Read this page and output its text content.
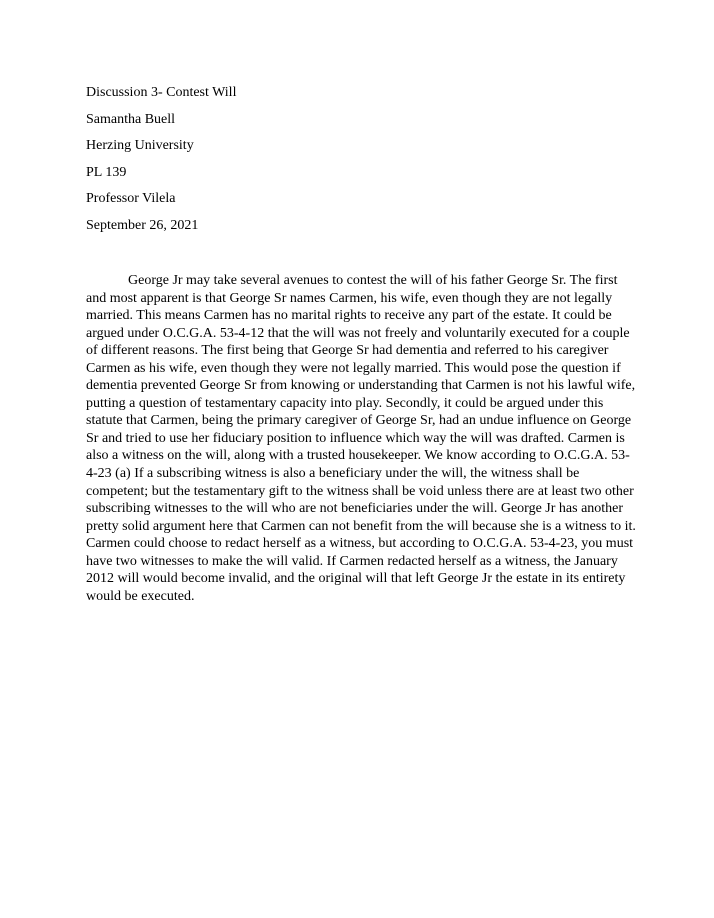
Discussion 3- Contest Will
Samantha Buell
Herzing University
PL 139
Professor Vilela
September 26, 2021

George Jr may take several avenues to contest the will of his father George Sr. The first and most apparent is that George Sr names Carmen, his wife, even though they are not legally married. This means Carmen has no marital rights to receive any part of the estate. It could be argued under O.C.G.A. 53-4-12 that the will was not freely and voluntarily executed for a couple of different reasons. The first being that George Sr had dementia and referred to his caregiver Carmen as his wife, even though they were not legally married. This would pose the question if dementia prevented George Sr from knowing or understanding that Carmen is not his lawful wife, putting a question of testamentary capacity into play. Secondly, it could be argued under this statute that Carmen, being the primary caregiver of George Sr, had an undue influence on George Sr and tried to use her fiduciary position to influence which way the will was drafted. Carmen is also a witness on the will, along with a trusted housekeeper. We know according to O.C.G.A. 53-4-23 (a) If a subscribing witness is also a beneficiary under the will, the witness shall be competent; but the testamentary gift to the witness shall be void unless there are at least two other subscribing witnesses to the will who are not beneficiaries under the will. George Jr has another pretty solid argument here that Carmen can not benefit from the will because she is a witness to it. Carmen could choose to redact herself as a witness, but according to O.C.G.A. 53-4-23, you must have two witnesses to make the will valid. If Carmen redacted herself as a witness, the January 2012 will would become invalid, and the original will that left George Jr the estate in its entirety would be executed.
